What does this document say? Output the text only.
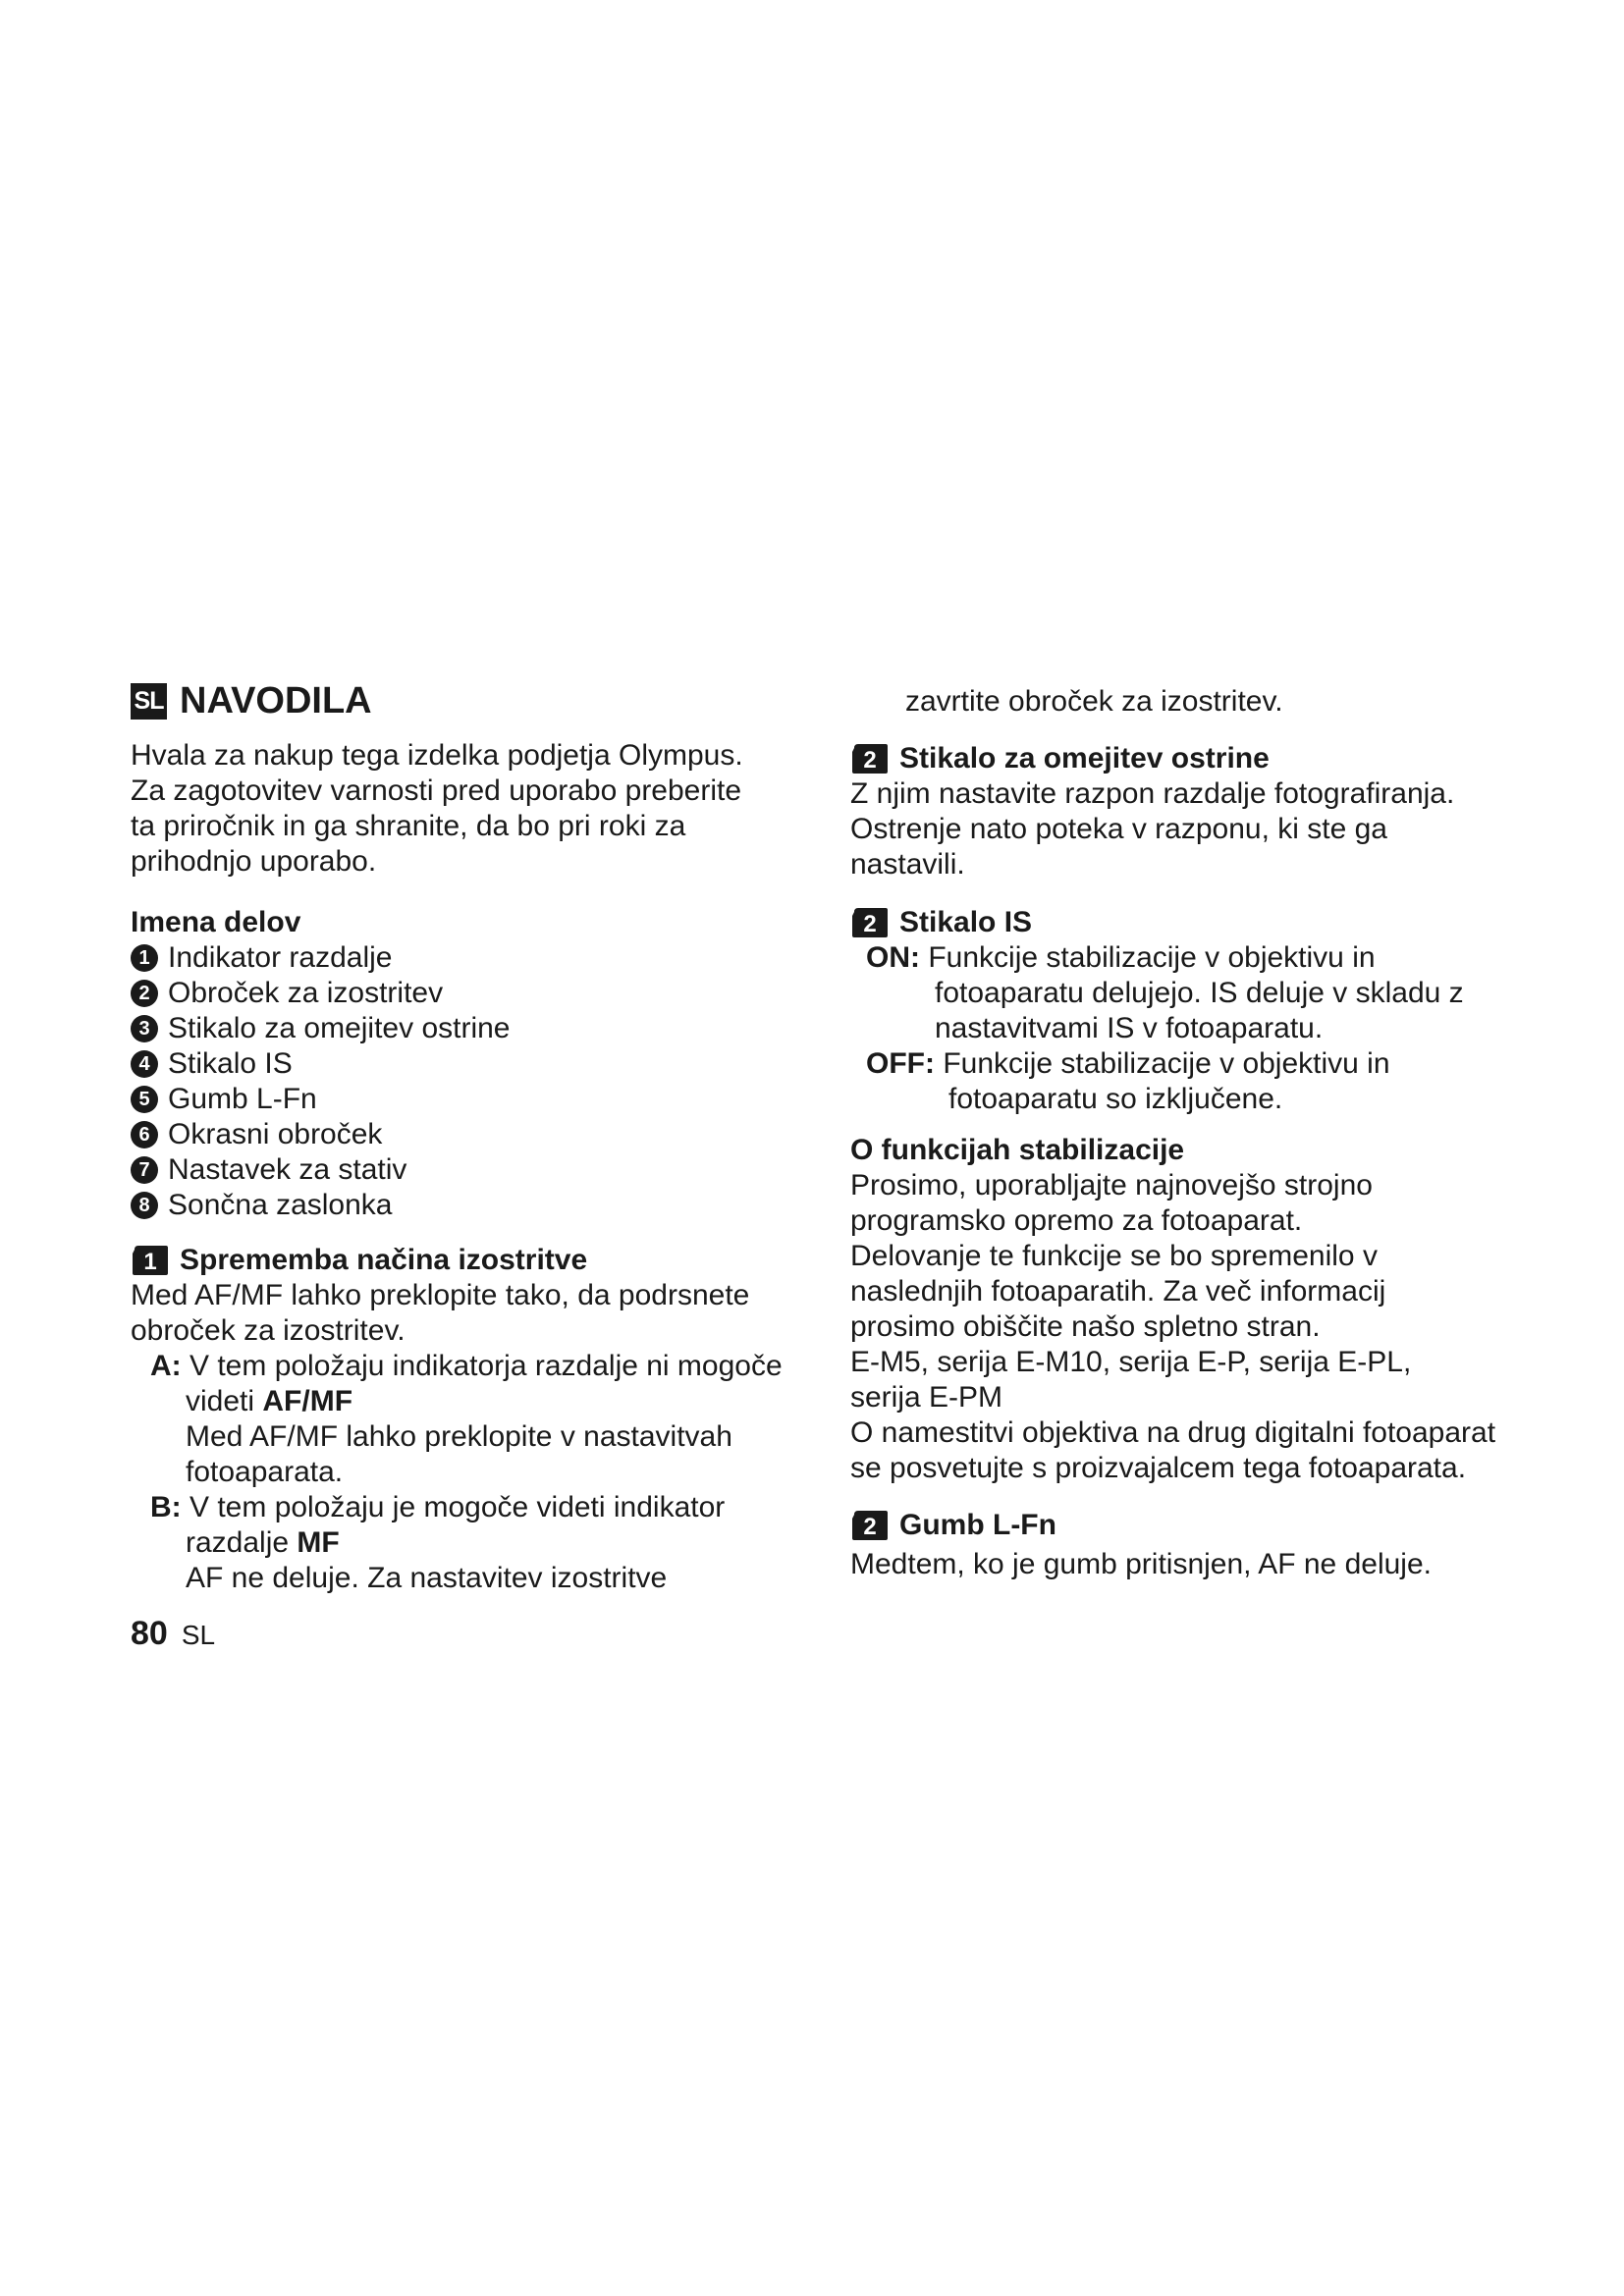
SL NAVODILA
Hvala za nakup tega izdelka podjetja Olympus.
Za zagotovitev varnosti pred uporabo preberite
ta priročnik in ga shranite, da bo pri roki za
prihodnjo uporabo.
Imena delov
1 Indikator razdalje
2 Obroček za izostritev
3 Stikalo za omejitev ostrine
4 Stikalo IS
5 Gumb L-Fn
6 Okrasni obroček
7 Nastavek za stativ
8 Sončna zaslonka
1 Sprememba načina izostritve
Med AF/MF lahko preklopite tako, da podrsnete
obroček za izostritev.
A: V tem položaju indikatorja razdalje ni mogoče
videti AF/MF
Med AF/MF lahko preklopite v nastavitvah
fotoaparata.
B: V tem položaju je mogoče videti indikator
razdalje MF
AF ne deluje. Za nastavitev izostritve
80 SL
zavrtite obroček za izostritev.
2 Stikalo za omejitev ostrine
Z njim nastavite razpon razdalje fotografiranja.
Ostrenje nato poteka v razponu, ki ste ga
nastavili.
2 Stikalo IS
ON: Funkcije stabilizacije v objektivu in
fotoaparatu delujejo. IS deluje v skladu z
nastavitvami IS v fotoaparatu.
OFF: Funkcije stabilizacije v objektivu in
fotoaparatu so izključene.
O funkcijah stabilizacije
Prosimo, uporabljajte najnovejšo strojno
programsko opremo za fotoaparat.
Delovanje te funkcije se bo spremenilo v
naslednjih fotoaparatih. Za več informacij
prosimo obiščite našo spletno stran.
E-M5, serija E-M10, serija E-P, serija E-PL,
serija E-PM
O namestitvi objektiva na drug digitalni fotoaparat
se posvetujte s proizvajalcem tega fotoaparata.
2 Gumb L-Fn
Medtem, ko je gumb pritisnjen, AF ne deluje.
